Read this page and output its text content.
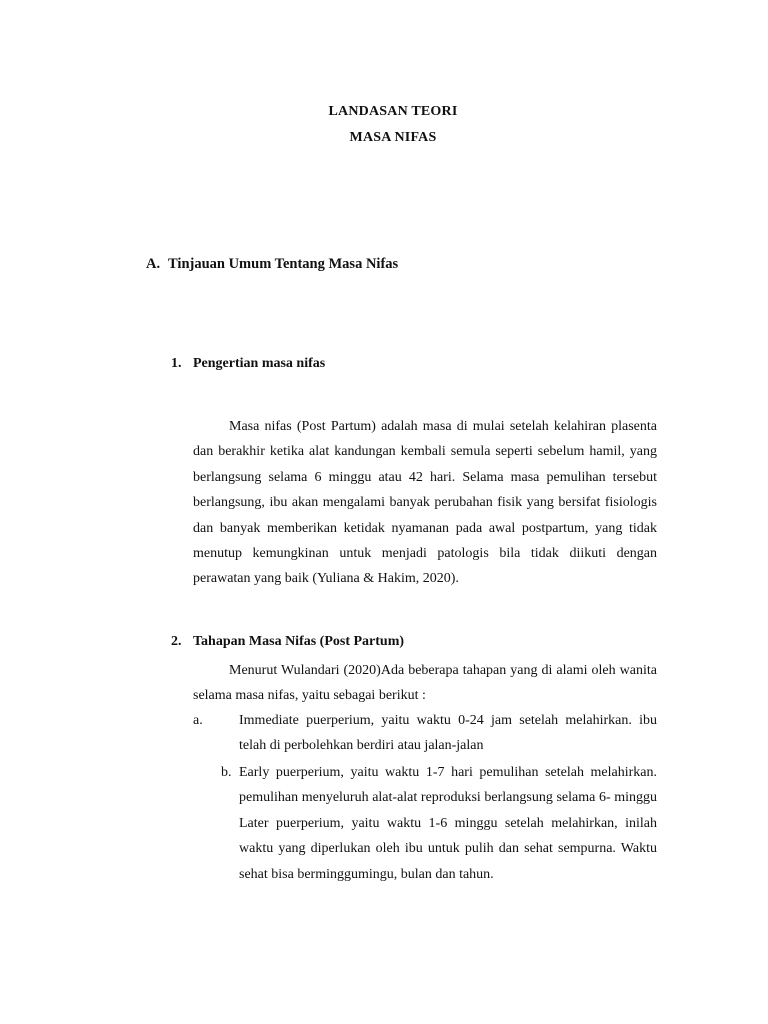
LANDASAN TEORI

MASA NIFAS

A. Tinjauan Umum Tentang Masa Nifas

1. Pengertian masa nifas

Masa nifas (Post Partum) adalah masa di mulai setelah kelahiran plasenta dan berakhir ketika alat kandungan kembali semula seperti sebelum hamil, yang berlangsung selama 6 minggu atau 42 hari. Selama masa pemulihan tersebut berlangsung, ibu akan mengalami banyak perubahan fisik yang bersifat fisiologis dan banyak memberikan ketidak nyamanan pada awal postpartum, yang tidak menutup kemungkinan untuk menjadi patologis bila tidak diikuti dengan perawatan yang baik (Yuliana & Hakim, 2020).

2. Tahapan Masa Nifas (Post Partum)

Menurut Wulandari (2020)Ada beberapa tahapan yang di alami oleh wanita selama masa nifas, yaitu sebagai berikut :

a.	Immediate puerperium, yaitu waktu 0-24 jam setelah melahirkan. ibu telah di perbolehkan berdiri atau jalan-jalan

b. Early puerperium, yaitu waktu 1-7 hari pemulihan setelah melahirkan. pemulihan menyeluruh alat-alat reproduksi berlangsung selama 6- minggu Later puerperium, yaitu waktu 1-6 minggu setelah melahirkan, inilah waktu yang diperlukan oleh ibu untuk pulih dan sehat sempurna. Waktu sehat bisa berminggumingu, bulan dan tahun.
